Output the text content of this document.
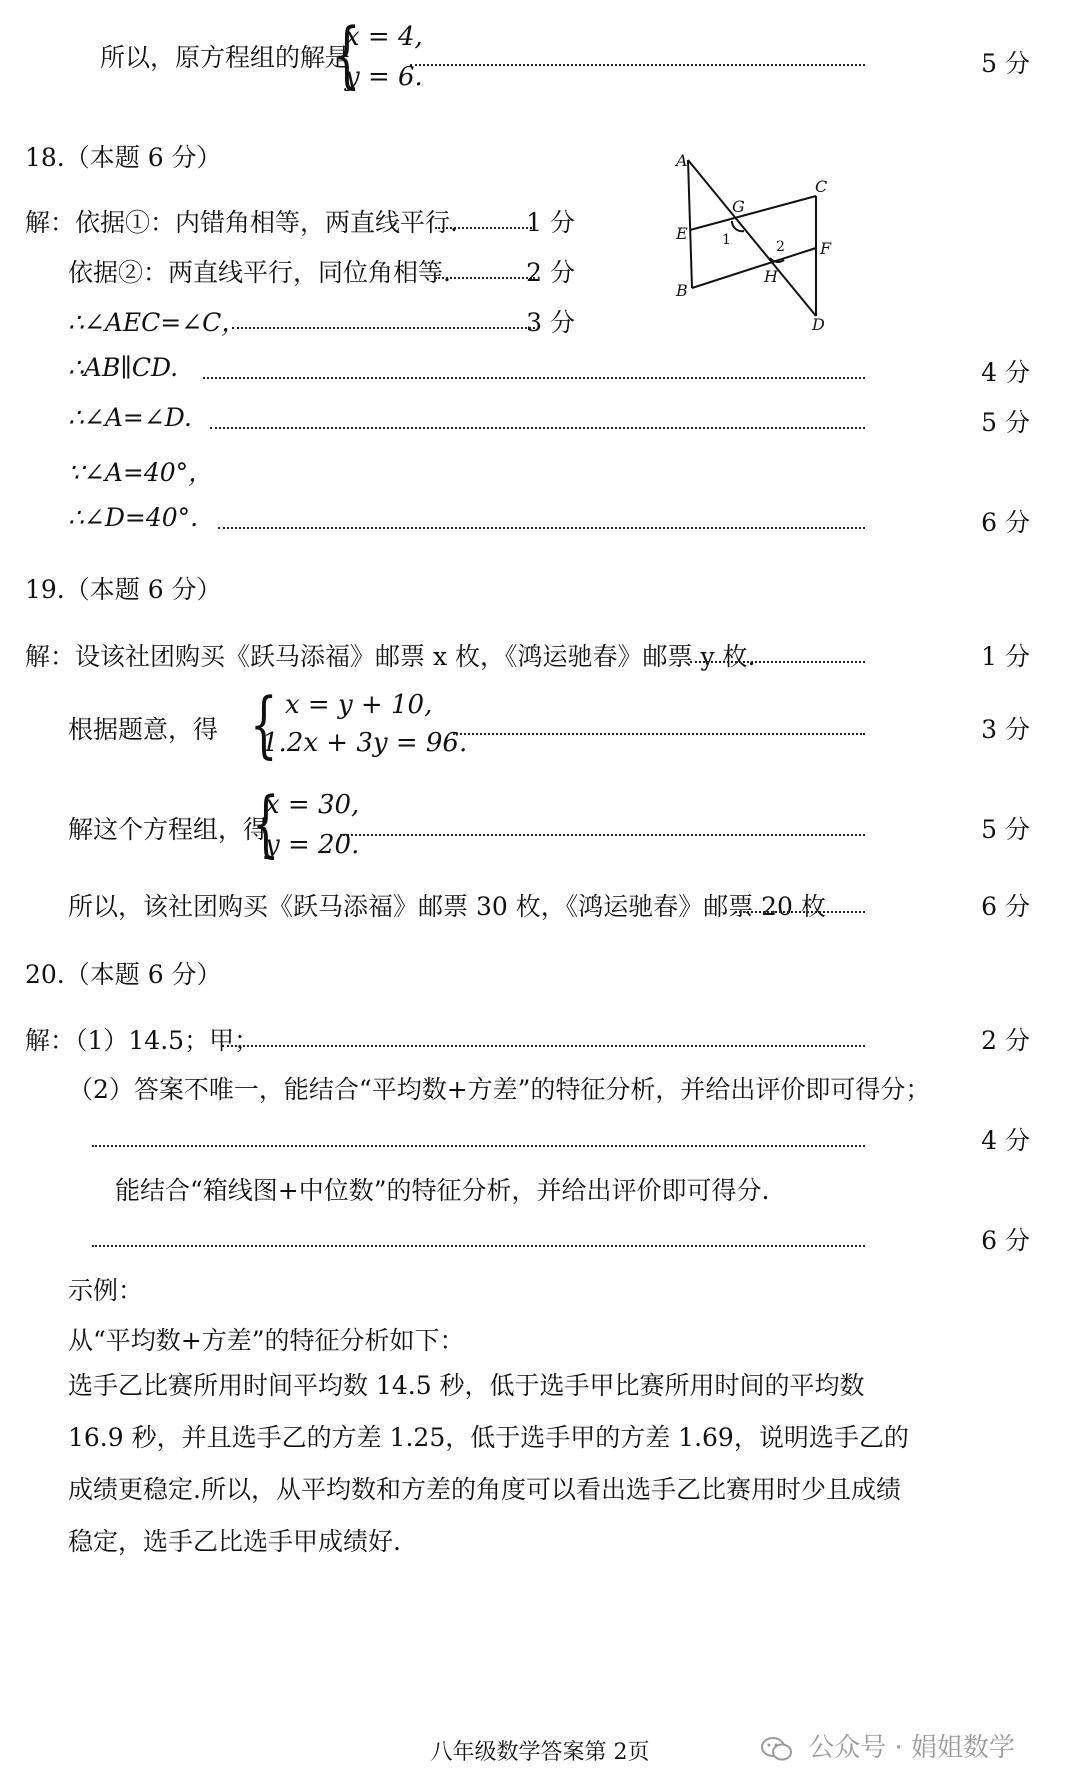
所以，原方程组的解是
{
x = 4,
y = 6.	5 分
18.（本题 6 分）
解：依据①：内错角相等，两直线平行.	1 分
依据②：两直线平行，同位角相等.	2 分
∴∠AEC=∠C，	3 分
∴AB∥CD.	4 分
∴∠A=∠D.	5 分
∵∠A=40°，
∴∠D=40°.	6 分
A
E
B
C
F
D
G
H
1	2
19.（本题 6 分）
解：设该社团购买《跃马添福》邮票 x 枚，《鸿运驰春》邮票 y 枚.	1 分
根据题意，得 { x = y + 10,
1.2x + 3y = 96.	3 分
解这个方程组，得
{
x = 30,
y = 20.
5 分
所以，该社团购买《跃马添福》邮票 30 枚，《鸿运驰春》邮票 20 枚	6 分
20.（本题 6 分）
解：（1）14.5；甲；	2 分
（2）答案不唯一，能结合“平均数+方差”的特征分析，并给出评价即可得分；
4 分
能结合“箱线图+中位数”的特征分析，并给出评价即可得分.
6 分
示例：
从“平均数+方差”的特征分析如下：
选手乙比赛所用时间平均数 14.5 秒，低于选手甲比赛所用时间的平均数 16.9 秒，并且选手乙的方差 1.25，低于选手甲的方差 1.69，说明选手乙的成绩更稳定.所以，从平均数和方差的角度可以看出选手乙比赛用时少且成绩稳定，选手乙比选手甲成绩好.
八年级数学答案第 2页	公众号 · 娟姐数学
